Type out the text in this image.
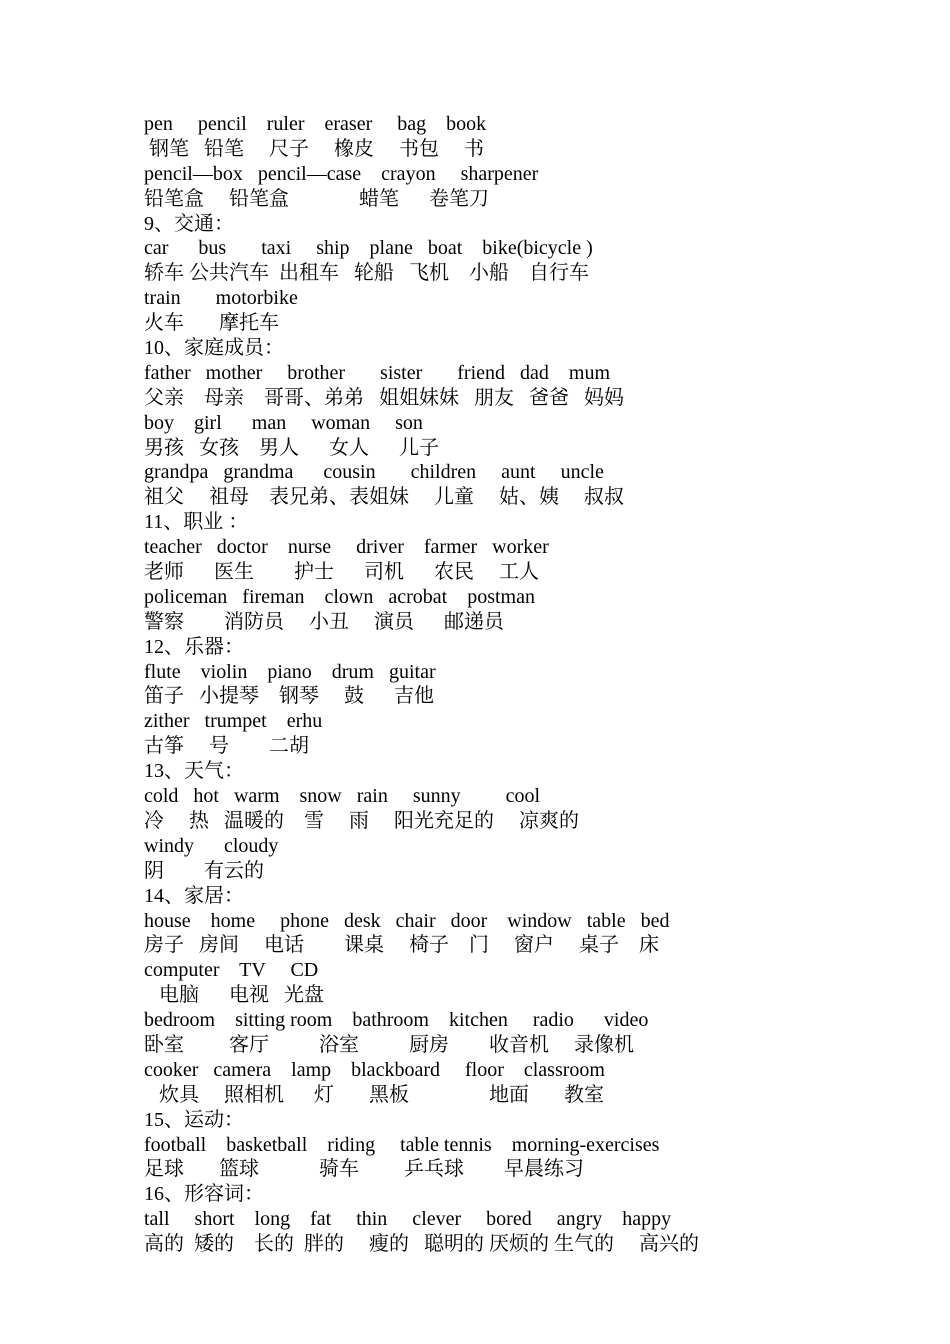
pen     pencil    ruler    eraser     bag    book
钢笔   铅笔     尺子     橡皮     书包     书
pencil—box   pencil—case    crayon     sharpener
铅笔盒     铅笔盒              蜡笔      卷笔刀
9、交通：
car      bus       taxi     ship    plane   boat    bike(bicycle )
轿车 公共汽车  出租车   轮船   飞机    小船    自行车
train       motorbike
火车       摩托车
10、家庭成员：
father   mother     brother       sister       friend   dad    mum
父亲    母亲    哥哥、弟弟   姐姐妹妹   朋友   爸爸   妈妈
boy    girl      man     woman     son
男孩   女孩    男人      女人      儿子
grandpa   grandma      cousin       children     aunt     uncle
祖父     祖母    表兄弟、表姐妹     儿童     姑、姨     叔叔
11、职业 ：
teacher   doctor    nurse     driver    farmer   worker
老师      医生        护士      司机      农民     工人
policeman   fireman    clown   acrobat    postman
警察        消防员     小丑     演员      邮递员
12、乐器：
flute    violin    piano    drum   guitar
笛子   小提琴    钢琴     鼓      吉他
zither   trumpet    erhu
古筝     号        二胡
13、天气：
cold   hot   warm    snow   rain     sunny         cool
冷     热   温暖的    雪     雨     阳光充足的     凉爽的
windy      cloudy
阴        有云的
14、家居：
house    home     phone   desk   chair   door    window   table   bed
房子   房间     电话        课桌     椅子    门     窗户     桌子    床
computer    TV     CD
电脑      电视   光盘
bedroom    sitting room    bathroom    kitchen     radio      video
卧室         客厅          浴室          厨房        收音机     录像机
cooker   camera    lamp    blackboard     floor    classroom
炊具     照相机      灯       黑板                地面       教室
15、运动：
football    basketball    riding     table tennis    morning-exercises
足球       篮球            骑车         乒乓球        早晨练习
16、形容词：
tall     short    long    fat     thin     clever     bored     angry    happy
高的  矮的    长的  胖的     瘦的   聪明的 厌烦的 生气的     高兴的
